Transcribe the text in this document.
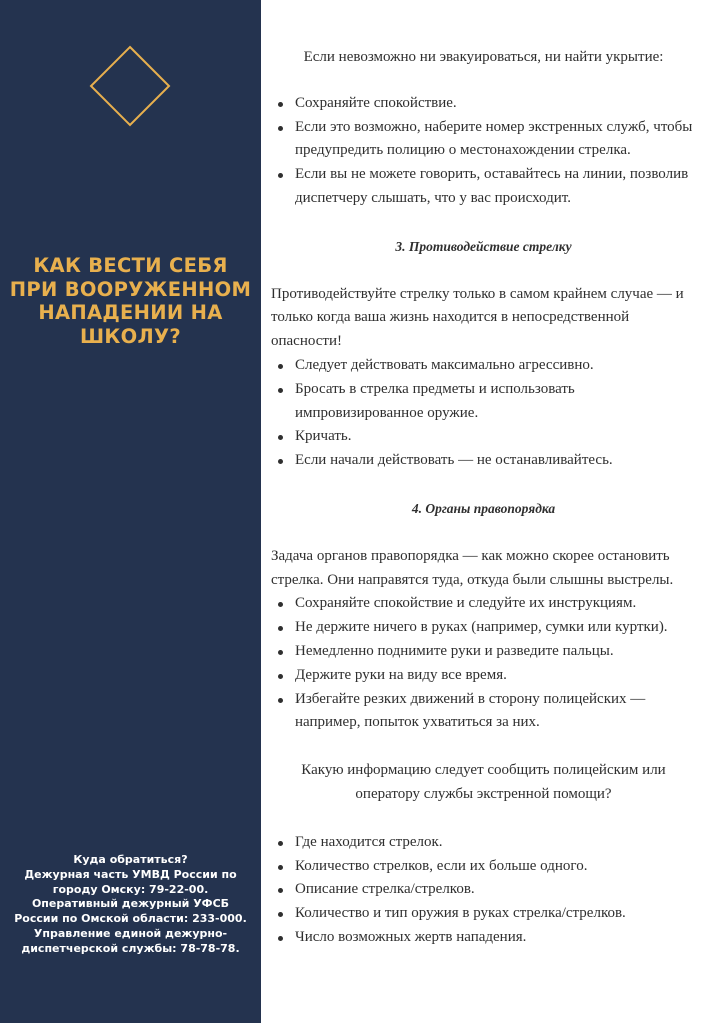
КАК ВЕСТИ СЕБЯ ПРИ ВООРУЖЕННОМ НАПАДЕНИИ НА ШКОЛУ?
Куда обратиться?
Дежурная часть УМВД России по
городу Омску: 79-22-00.
Оперативный дежурный УФСБ
России по Омской области: 233-000.
Управление единой дежурно-
диспетчерской службы: 78-78-78.

Если невозможно ни эвакуироваться, ни найти укрытие:

Сохраняйте спокойствие.
Если это возможно, наберите номер экстренных служб, чтобы предупредить полицию о местонахождении стрелка.
Если вы не можете говорить, оставайтесь на линии, позволив диспетчеру слышать, что у вас происходит.

3. Противодействие стрелку

Противодействуйте стрелку только в самом крайнем случае — и только когда ваша жизнь находится в непосредственной опасности!

Следует действовать максимально агрессивно.
Бросать в стрелка предметы и использовать импровизированное оружие.
Кричать.
Если начали действовать — не останавливайтесь.

4. Органы правопорядка

Задача органов правопорядка — как можно скорее остановить стрелка. Они направятся туда, откуда были слышны выстрелы.

Сохраняйте спокойствие и следуйте их инструкциям.
Не держите ничего в руках (например, сумки или куртки).
Немедленно поднимите руки и разведите пальцы.
Держите руки на виду все время.
Избегайте резких движений в сторону полицейских — например, попыток ухватиться за них.

Какую информацию следует сообщить полицейским или оператору службы экстренной помощи?

Где находится стрелок.
Количество стрелков, если их больше одного.
Описание стрелка/стрелков.
Количество и тип оружия в руках стрелка/стрелков.
Число возможных жертв нападения.
